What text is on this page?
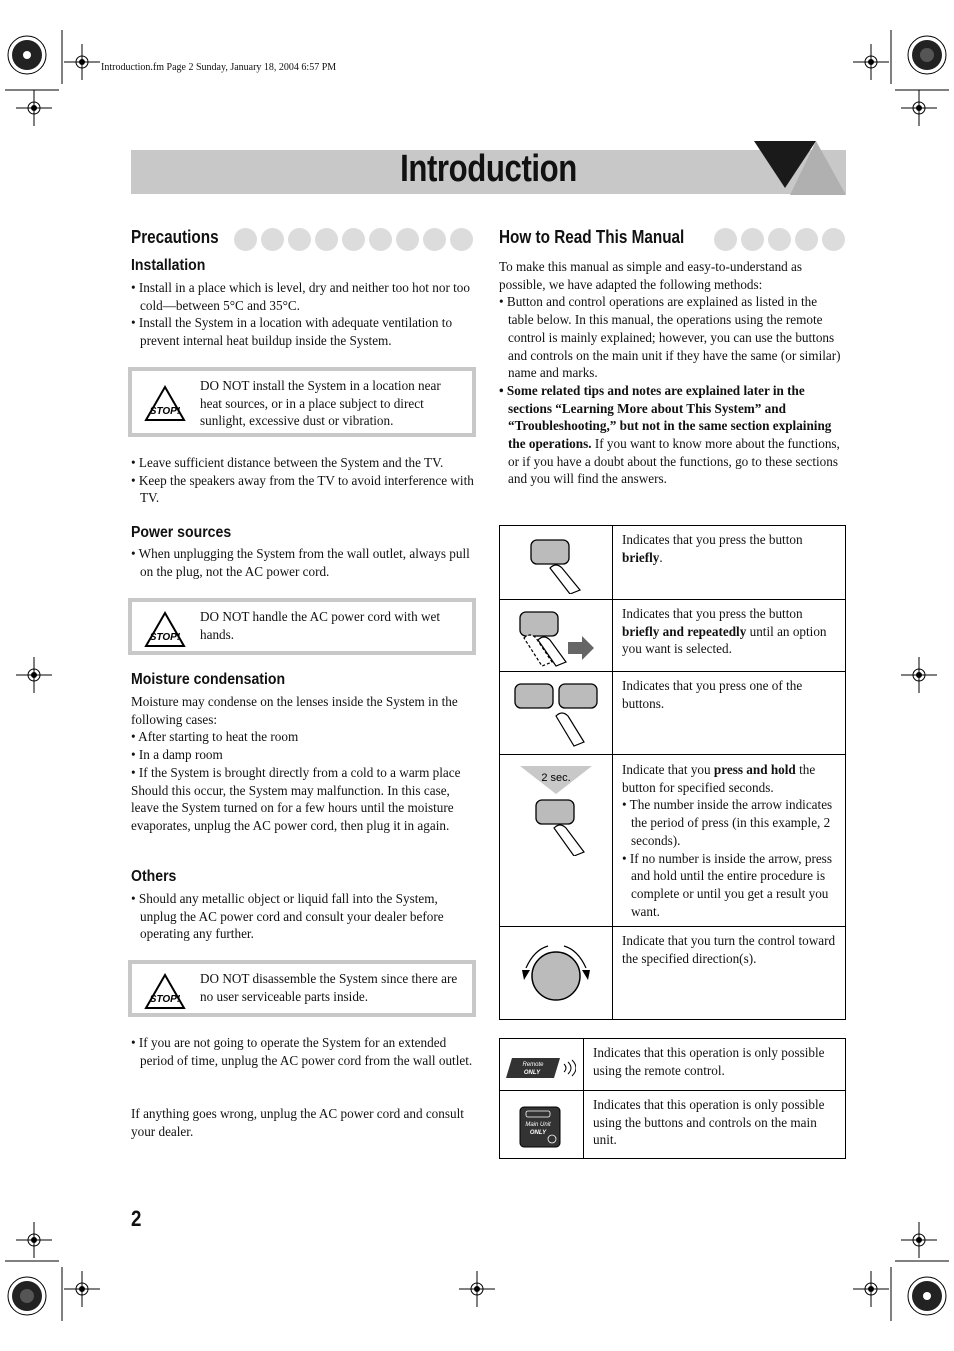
Introduction.fm Page 2 Sunday, January 18, 2004 6:57 PM
Introduction
Precautions
Installation
• Install in a place which is level, dry and neither too hot nor too cold—between 5°C and 35°C.
• Install the System in a location with adequate ventilation to prevent internal heat buildup inside the System.
STOP!
DO NOT install the System in a location near heat sources, or in a place subject to direct sunlight, excessive dust or vibration.
• Leave sufficient distance between the System and the TV.
• Keep the speakers away from the TV to avoid interference with TV.
Power sources
• When unplugging the System from the wall outlet, always pull on the plug, not the AC power cord.
STOP!
DO NOT handle the AC power cord with wet hands.
Moisture condensation
Moisture may condense on the lenses inside the System in the following cases:
• After starting to heat the room
• In a damp room
• If the System is brought directly from a cold to a warm place
Should this occur, the System may malfunction. In this case, leave the System turned on for a few hours until the moisture evaporates, unplug the AC power cord, then plug it in again.
Others
• Should any metallic object or liquid fall into the System, unplug the AC power cord and consult your dealer before operating any further.
STOP!
DO NOT disassemble the System since there are no user serviceable parts inside.
• If you are not going to operate the System for an extended period of time, unplug the AC power cord from the wall outlet.
If anything goes wrong, unplug the AC power cord and consult your dealer.
How to Read This Manual
To make this manual as simple and easy-to-understand as possible, we have adapted the following methods:
• Button and control operations are explained as listed in the table below. In this manual, the operations using the remote control is mainly explained; however, you can use the buttons and controls on the main unit if they have the same (or similar) name and marks.
• Some related tips and notes are explained later in the sections “Learning More about This System” and “Troubleshooting,” but not in the same section explaining the operations. If you want to know more about the functions, or if you have a doubt about the functions, go to these sections and you will find the answers.
Indicates that you press the button briefly.
Indicates that you press the button briefly and repeatedly until an option you want is selected.
Indicates that you press one of the buttons.
2 sec.
Indicate that you press and hold the button for specified seconds.
• The number inside the arrow indicates the period of press (in this example, 2 seconds).
• If no number is inside the arrow, press and hold until the entire procedure is complete or until you get a result you want.
Indicate that you turn the control toward the specified direction(s).
Remote
ONLY
Indicates that this operation is only possible using the remote control.
Main Unit
ONLY
Indicates that this operation is only possible using the buttons and controls on the main unit.
2
